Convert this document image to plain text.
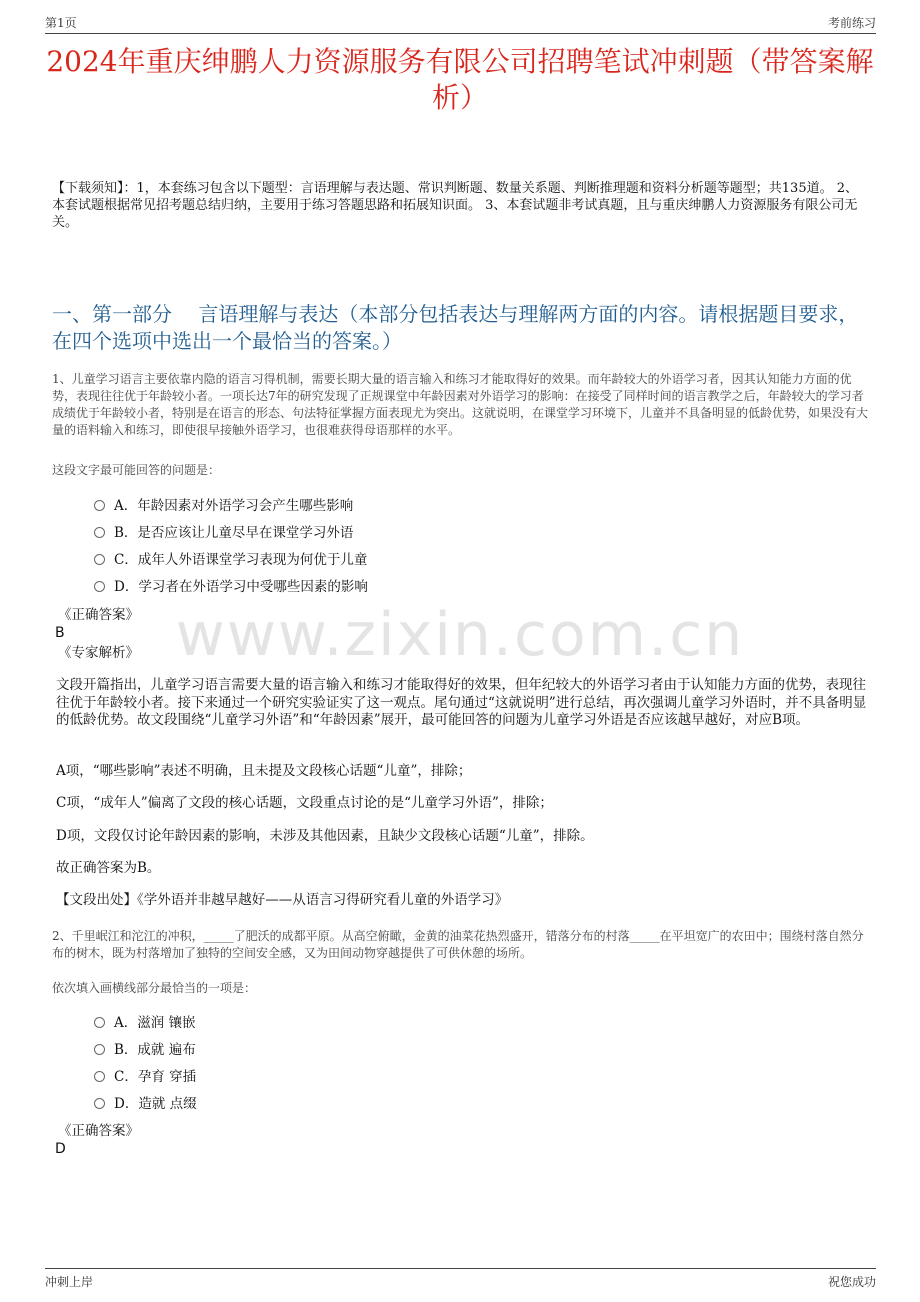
第1页	考前练习
www.zixin.com.cn
2024年重庆绅鹏人力资源服务有限公司招聘笔试冲刺题（带答案解析）
【下载须知】：1，本套练习包含以下题型：言语理解与表达题、常识判断题、数量关系题、判断推理题和资料分析题等题型；共135道。 2、本套试题根据常见招考题总结归纳，主要用于练习答题思路和拓展知识面。 3、本套试题非考试真题，且与重庆绅鹏人力资源服务有限公司无关。
一、第一部分　 言语理解与表达（本部分包括表达与理解两方面的内容。请根据题目要求，在四个选项中选出一个最恰当的答案。）
1、儿童学习语言主要依靠内隐的语言习得机制，需要长期大量的语言输入和练习才能取得好的效果。而年龄较大的外语学习者，因其认知能力方面的优势，表现往往优于年龄较小者。一项长达7年的研究发现了正规课堂中年龄因素对外语学习的影响：在接受了同样时间的语言教学之后，年龄较大的学习者成绩优于年龄较小者，特别是在语言的形态、句法特征掌握方面表现尤为突出。这就说明，在课堂学习环境下，儿童并不具备明显的低龄优势，如果没有大量的语料输入和练习，即使很早接触外语学习，也很难获得母语那样的水平。
这段文字最可能回答的问题是：
A．年龄因素对外语学习会产生哪些影响
B．是否应该让儿童尽早在课堂学习外语
C．成年人外语课堂学习表现为何优于儿童
D．学习者在外语学习中受哪些因素的影响
《正确答案》
B
《专家解析》
文段开篇指出，儿童学习语言需要大量的语言输入和练习才能取得好的效果，但年纪较大的外语学习者由于认知能力方面的优势，表现往往优于年龄较小者。接下来通过一个研究实验证实了这一观点。尾句通过“这就说明”进行总结，再次强调儿童学习外语时，并不具备明显的低龄优势。故文段围绕“儿童学习外语”和“年龄因素”展开，最可能回答的问题为儿童学习外语是否应该越早越好，对应B项。
A项，“哪些影响”表述不明确，且未提及文段核心话题“儿童”，排除；
C项，“成年人”偏离了文段的核心话题，文段重点讨论的是“儿童学习外语”，排除；
D项，文段仅讨论年龄因素的影响，未涉及其他因素，且缺少文段核心话题“儿童”，排除。
故正确答案为B。
【文段出处】《学外语并非越早越好——从语言习得研究看儿童的外语学习》
2、千里岷江和沱江的冲积，_____了肥沃的成都平原。从高空俯瞰，金黄的油菜花热烈盛开，错落分布的村落_____在平坦宽广的农田中；围绕村落自然分布的树木，既为村落增加了独特的空间安全感，又为田间动物穿越提供了可供休憩的场所。
依次填入画横线部分最恰当的一项是：
A．滋润 镶嵌
B．成就 遍布
C．孕育 穿插
D．造就 点缀
《正确答案》
D
冲刺上岸	祝您成功
